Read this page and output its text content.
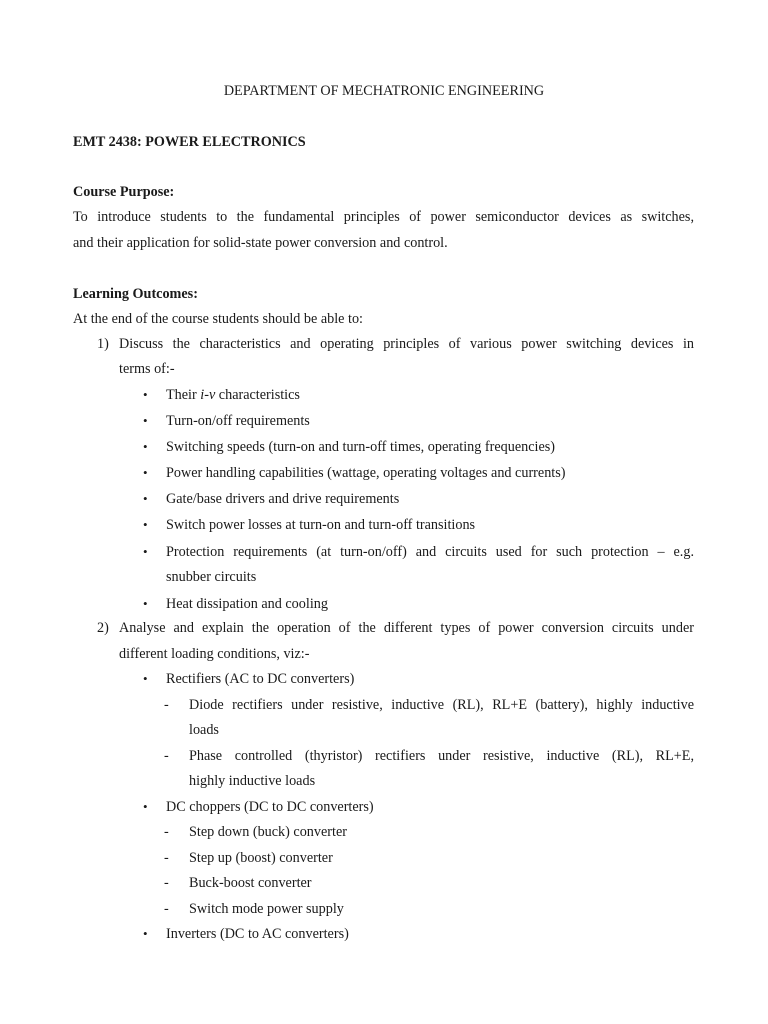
DEPARTMENT OF MECHATRONIC ENGINEERING
EMT 2438: POWER ELECTRONICS
Course Purpose:
To introduce students to the fundamental principles of power semiconductor devices as switches,
and their application for solid-state power conversion and control.
Learning Outcomes:
At the end of the course students should be able to:
1) Discuss the characteristics and operating principles of various power switching devices in
terms of:-
• Their i-v characteristics
• Turn-on/off requirements
• Switching speeds (turn-on and turn-off times, operating frequencies)
• Power handling capabilities (wattage, operating voltages and currents)
• Gate/base drivers and drive requirements
• Switch power losses at turn-on and turn-off transitions
• Protection requirements (at turn-on/off) and circuits used for such protection – e.g.
snubber circuits
• Heat dissipation and cooling
2) Analyse and explain the operation of the different types of power conversion circuits under
different loading conditions, viz:-
• Rectifiers (AC to DC converters)
- Diode rectifiers under resistive, inductive (RL), RL+E (battery), highly inductive
loads
- Phase controlled (thyristor) rectifiers under resistive, inductive (RL), RL+E,
highly inductive loads
• DC choppers (DC to DC converters)
- Step down (buck) converter
- Step up (boost) converter
- Buck-boost converter
- Switch mode power supply
• Inverters (DC to AC converters)
